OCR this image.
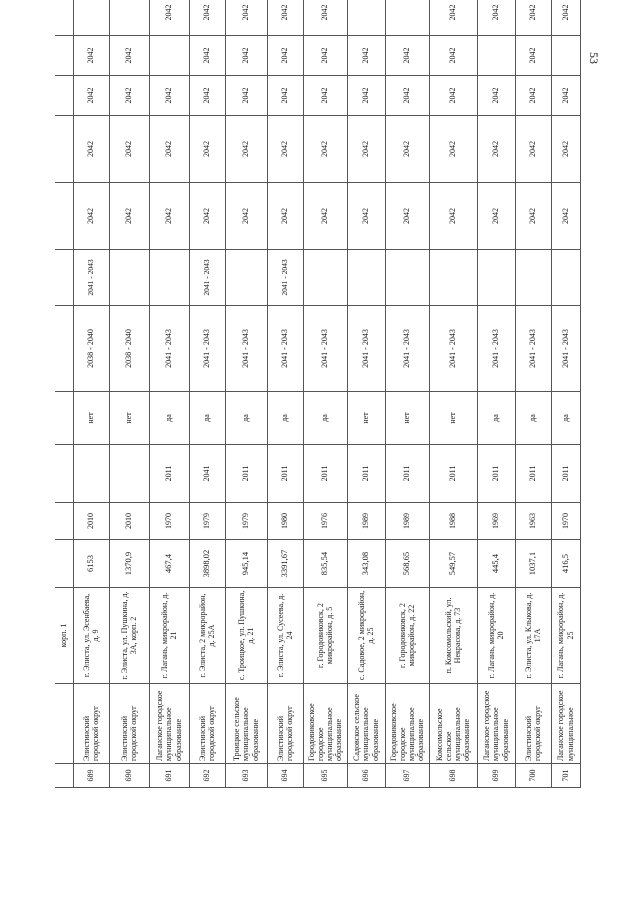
53
		корп. 1											
689	Элистинский городской округ	г. Элиста, ул. Эсенбаева, д. 9	6153	2010		нет	2038 - 2040	2041 - 2043	2042	2042	2042	2042	
690	Элистинский городской округ	г. Элиста, ул. Пушкина, д. 3А, корп. 2	1370,9	2010		нет	2038 - 2040		2042	2042	2042	2042	
691	Лаганское городское муниципальное образование	г. Лагань, микрорайон, д. 21	467,4	1970	2011	да	2041 - 2043		2042	2042	2042		2042
692	Элистинский городской округ	г. Элиста, 2 микрорайон, д. 25А	3898,02	1979	2041	да	2041 - 2043	2041 - 2043	2042	2042	2042	2042	2042
693	Троицкое сельское муниципальное образование	с. Троицкое, ул. Пушкина, д. 21	945,14	1979	2011	да	2041 - 2043		2042	2042	2042	2042	2042
694	Элистинский городской округ	г. Элиста, ул. Сусеева, д. 24	3391,67	1980	2011	да	2041 - 2043	2041 - 2043	2042	2042	2042	2042	2042
695	Городовиковское городское муниципальное образование	г. Городовиковск, 2 микрорайон, д. 5	835,54	1976	2011	да	2041 - 2043		2042	2042	2042	2042	2042
696	Садовское сельское муниципальное образование	с. Садовое, 2 микрорайон, д. 25	343,08	1989	2011	нет	2041 - 2043		2042	2042	2042	2042	
697	Городовиковское городское муниципальное образование	г. Городовиковск, 2 микрорайон, д. 22	568,65	1989	2011	нет	2041 - 2043		2042	2042	2042	2042	
698	Комсомольское сельское муниципальное образование	п. Комсомольский, ул. Некрасова, д. 73	549,57	1988	2011	нет	2041 - 2043		2042	2042	2042	2042	2042
699	Лаганское городское муниципальное образование	г. Лагань, микрорайон, д. 20	445,4	1969	2011	да	2041 - 2043		2042	2042	2042		2042
700	Элистинский городской округ	г. Элиста, ул. Клыкова, д. 17А	1037,1	1963	2011	да	2041 - 2043		2042	2042	2042	2042	2042
701	Лаганское городское муниципальное	г. Лагань, микрорайон, д. 25	416,5	1970	2011	да	2041 - 2043		2042	2042	2042		2042
